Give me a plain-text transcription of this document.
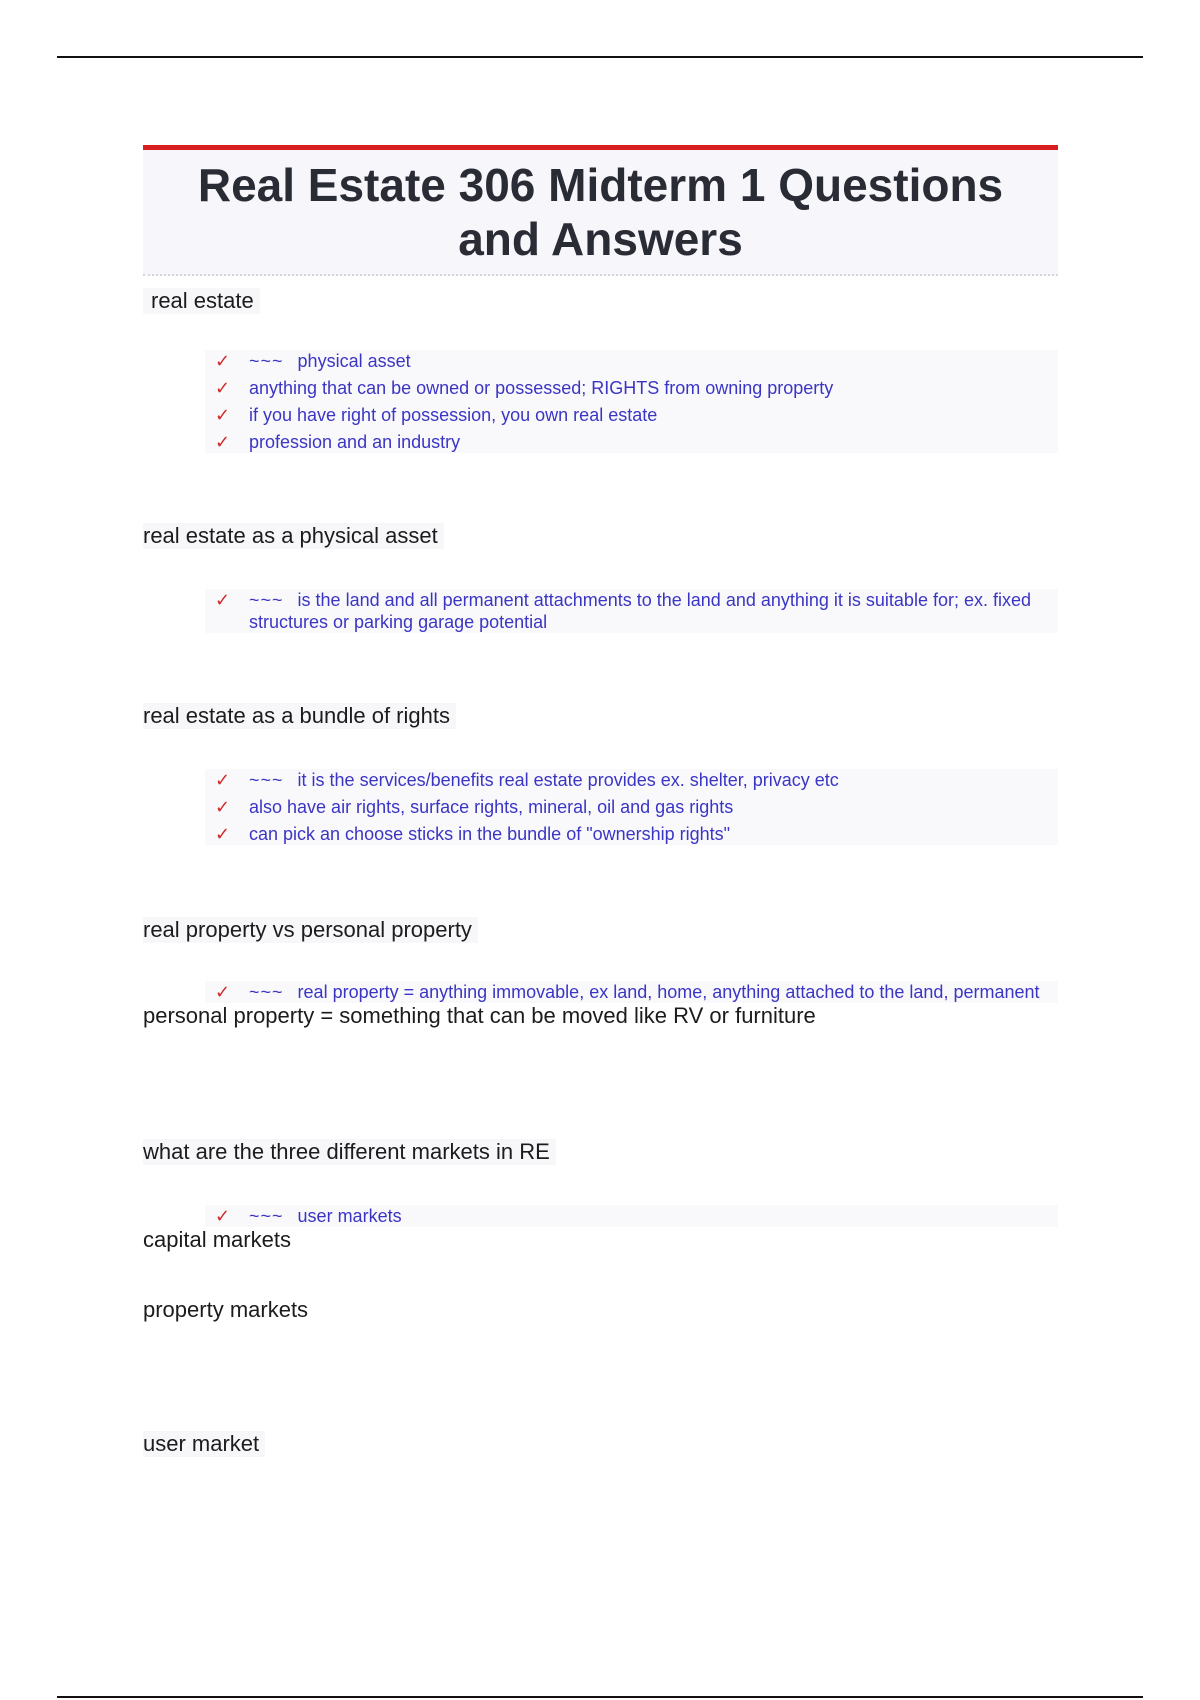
Real Estate 306 Midterm 1 Questions and Answers
real estate
✓ ~~~ physical asset
✓ anything that can be owned or possessed; RIGHTS from owning property
✓ if you have right of possession, you own real estate
✓ profession and an industry
real estate as a physical asset
✓ ~~~ is the land and all permanent attachments to the land and anything it is suitable for; ex. fixed structures or parking garage potential
real estate as a bundle of rights
✓ ~~~ it is the services/benefits real estate provides ex. shelter, privacy etc
✓ also have air rights, surface rights, mineral, oil and gas rights
✓ can pick an choose sticks in the bundle of "ownership rights"
real property vs personal property
✓ ~~~ real property = anything immovable, ex land, home, anything attached to the land, permanent
personal property = something that can be moved like RV or furniture
what are the three different markets in RE
✓ ~~~ user markets
capital markets
property markets
user market
